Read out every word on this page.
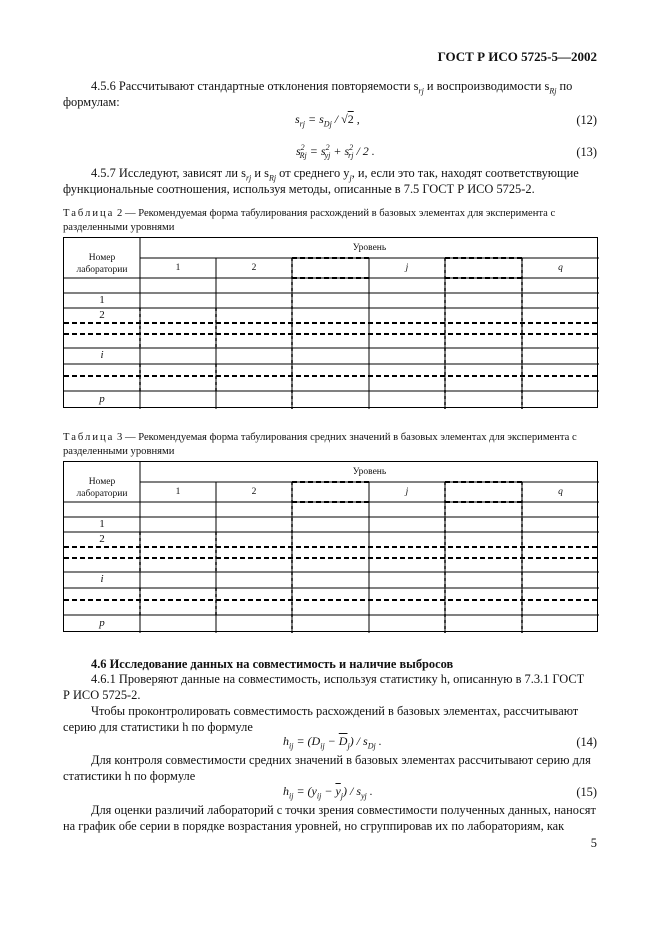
ГОСТ Р ИСО 5725-5—2002
4.5.6 Рассчитывают стандартные отклонения повторяемости $s_{rj}$ и воспроизводимости $s_{Rj}$ по
формулам:
$s_{rj} = s_{Dj} / √2$ ,	(12)
$s^2_{Rj} = s^2_{yj} + s^2_{rj} / 2$ .	(13)
4.5.7 Исследуют, зависят ли $s_{rj}$ и $s_{Rj}$ от среднего $y_j$, и, если это так, находят соответствующие
функциональные соотношения, используя методы, описанные в 7.5 ГОСТ Р ИСО 5725-2.
Таблица 2 — Рекомендуемая форма табулирования расхождений в базовых элементах для эксперимента с разделенными уровнями
Номер
лаборатории
Уровень
1	2	j	q
1
2
i
p
Таблица 3 — Рекомендуемая форма табулирования средних значений в базовых элементах для эксперимента с разделенными уровнями
Номер
лаборатории
Уровень
1	2	j	q
1
2
i
p
4.6 Исследование данных на совместимость и наличие выбросов
4.6.1 Проверяют данные на совместимость, используя статистику h, описанную в 7.3.1 ГОСТ
Р ИСО 5725-2.
Чтобы проконтролировать совместимость расхождений в базовых элементах, рассчитывают
серию для статистики h по формуле
$h_{ij} = (D_{ij} - \overline{D}_j) / s_{Dj}$ .	(14)
Для контроля совместимости средних значений в базовых элементах рассчитывают серию для
статистики h по формуле
$h_{ij} = (y_{ij} - \overline{y}_j) / s_{yj}$ .	(15)
Для оценки различий лабораторий с точки зрения совместимости полученных данных, наносят
на график обе серии в порядке возрастания уровней, но сгруппировав их по лабораториям, как
5
